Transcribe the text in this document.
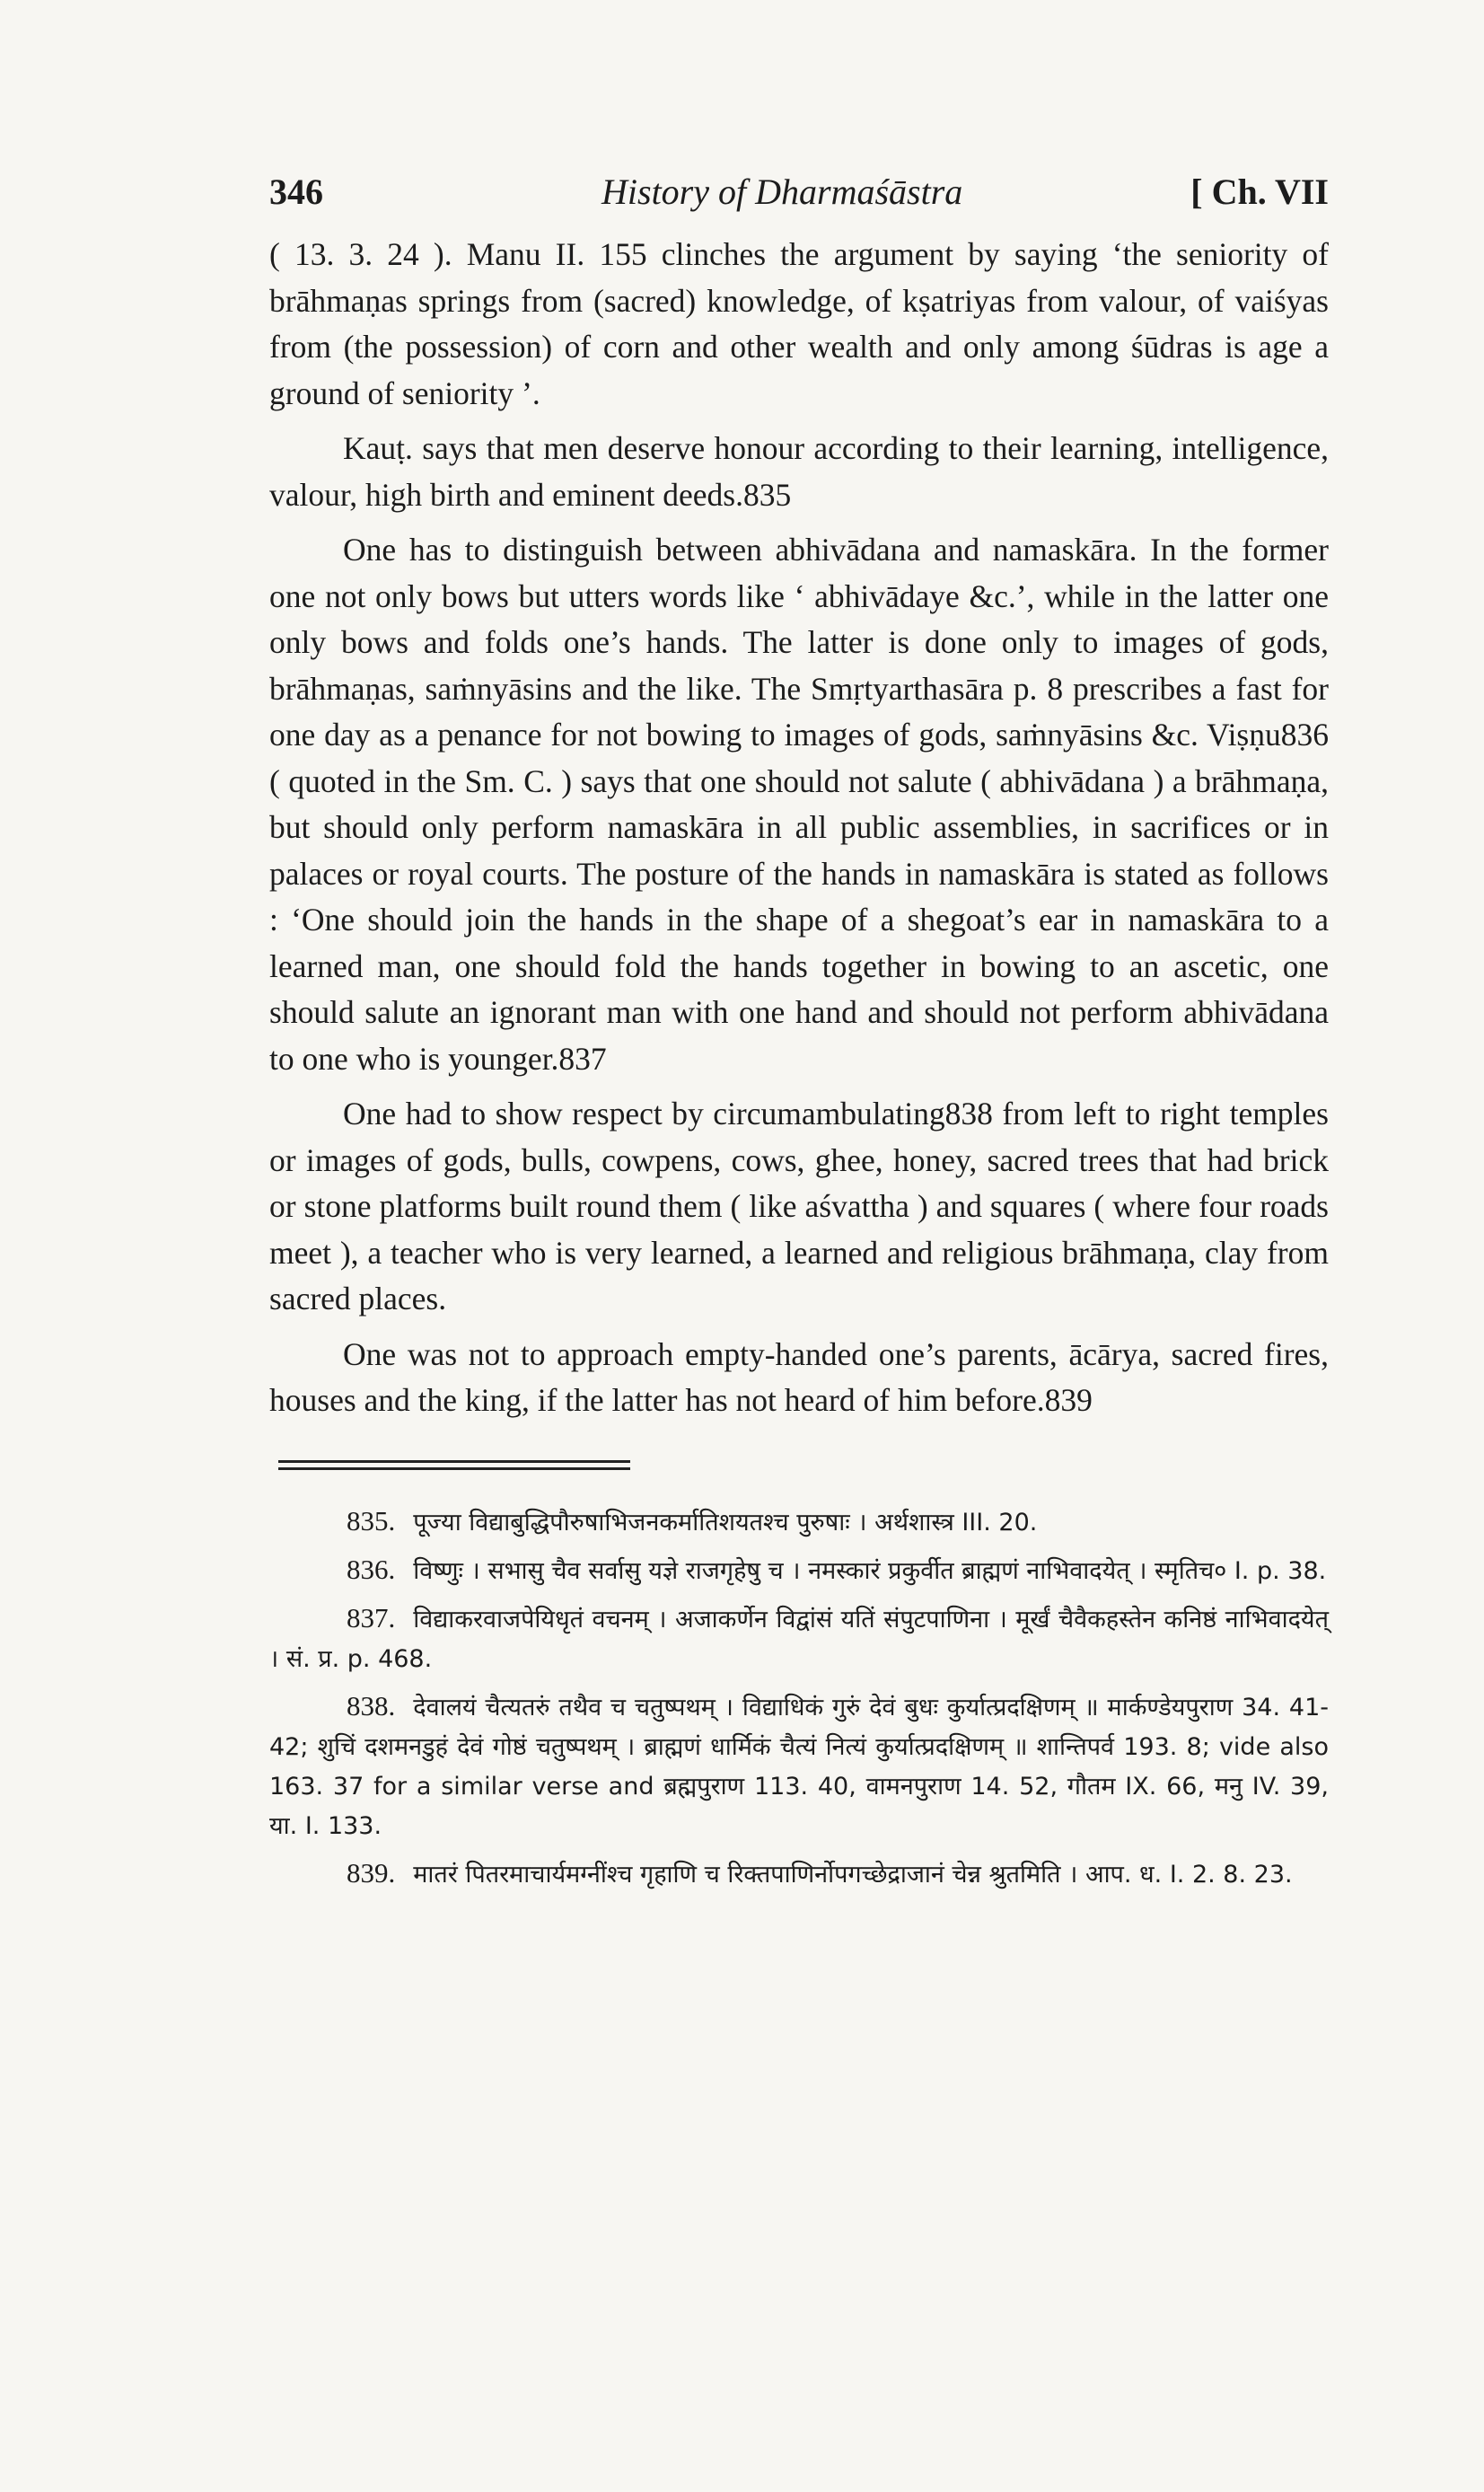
346	History of Dharmaśāstra	[ Ch. VII

( 13. 3. 24 ). Manu II. 155 clinches the argument by saying ‘the seniority of brāhmaṇas springs from (sacred) knowledge, of kṣatriyas from valour, of vaiśyas from (the possession) of corn and other wealth and only among śūdras is age a ground of seniority ’.

Kauṭ. says that men deserve honour according to their learning, intelligence, valour, high birth and eminent deeds.835

One has to distinguish between abhivādana and namaskāra. In the former one not only bows but utters words like ‘ abhivādaye &c.’, while in the latter one only bows and folds one’s hands. The latter is done only to images of gods, brāhmaṇas, saṁnyāsins and the like. The Smṛtyarthasāra p. 8 prescribes a fast for one day as a penance for not bowing to images of gods, saṁnyāsins &c. Viṣṇu836 ( quoted in the Sm. C. ) says that one should not salute ( abhivādana ) a brāhmaṇa, but should only perform namaskāra in all public assemblies, in sacrifices or in palaces or royal courts. The posture of the hands in namaskāra is stated as follows : ‘One should join the hands in the shape of a shegoat’s ear in namaskāra to a learned man, one should fold the hands together in bowing to an ascetic, one should salute an ignorant man with one hand and should not perform abhivādana to one who is younger.837

One had to show respect by circumambulating838 from left to right temples or images of gods, bulls, cowpens, cows, ghee, honey, sacred trees that had brick or stone platforms built round them ( like aśvattha ) and squares ( where four roads meet ), a teacher who is very learned, a learned and religious brāhmaṇa, clay from sacred places.

One was not to approach empty-handed one’s parents, ācārya, sacred fires, houses and the king, if the latter has not heard of him before.839

835. पूज्या विद्याबुद्धिपौरुषाभिजनकर्मातिशयतश्च पुरुषाः । अर्थशास्त्र III. 20.

836. विष्णुः । सभासु चैव सर्वासु यज्ञे राजगृहेषु च । नमस्कारं प्रकुर्वीत ब्राह्मणं नाभिवादयेत् । स्मृतिच० I. p. 38.

837. विद्याकरवाजपेयिधृतं वचनम् । अजाकर्णेन विद्वांसं यतिं संपुटपाणिना । मूर्खं चैवैकहस्तेन कनिष्ठं नाभिवादयेत् । सं. प्र. p. 468.

838. देवालयं चैत्यतरुं तथैव च चतुष्पथम् । विद्याधिकं गुरुं देवं बुधः कुर्यात्प्रदक्षिणम् ॥ मार्कण्डेयपुराण 34. 41-42; शुचिं दशमनडुहं देवं गोष्ठं चतुष्पथम् । ब्राह्मणं धार्मिकं चैत्यं नित्यं कुर्यात्प्रदक्षिणम् ॥ शान्तिपर्व 193. 8; vide also 163. 37 for a similar verse and ब्रह्मपुराण 113. 40, वामनपुराण 14. 52, गौतम IX. 66, मनु IV. 39, या. I. 133.

839. मातरं पितरमाचार्यमग्नींश्च गृहाणि च रिक्तपाणिर्नोपगच्छेद्राजानं चेन्न श्रुतमिति । आप. ध. I. 2. 8. 23.
